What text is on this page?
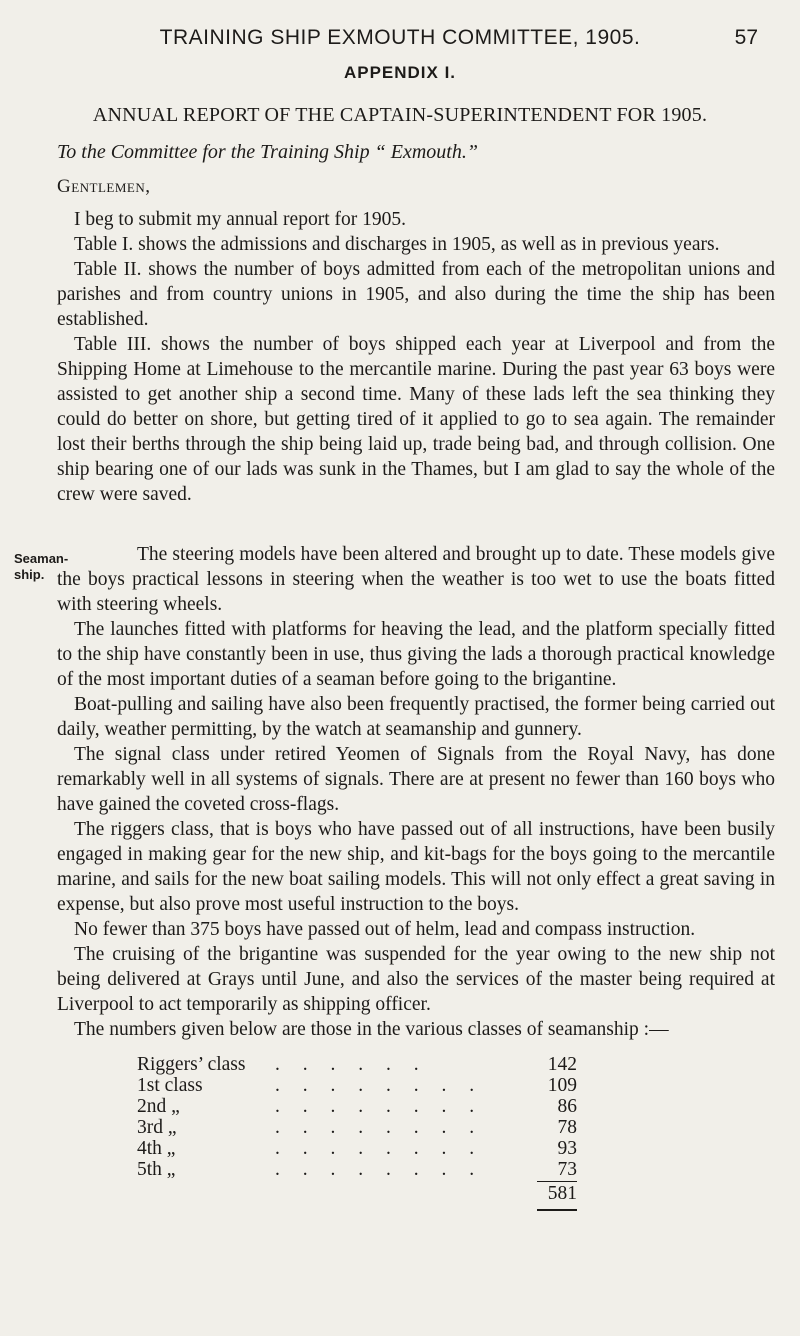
TRAINING SHIP EXMOUTH COMMITTEE, 1905.	57
APPENDIX I.
ANNUAL REPORT OF THE CAPTAIN-SUPERINTENDENT FOR 1905.
To the Committee for the Training Ship “ Exmouth.”
Gentlemen,

I beg to submit my annual report for 1905.

Table I. shows the admissions and discharges in 1905, as well as in previous years.

Table II. shows the number of boys admitted from each of the metropolitan unions and parishes and from country unions in 1905, and also during the time the ship has been established.

Table III. shows the number of boys shipped each year at Liverpool and from the Shipping Home at Limehouse to the mercantile marine. During the past year 63 boys were assisted to get another ship a second time. Many of these lads left the sea thinking they could do better on shore, but getting tired of it applied to go to sea again. The remainder lost their berths through the ship being laid up, trade being bad, and through collision. One ship bearing one of our lads was sunk in the Thames, but I am glad to say the whole of the crew were saved.

Seaman-ship.

The steering models have been altered and brought up to date. These models give the boys practical lessons in steering when the weather is too wet to use the boats fitted with steering wheels.

The launches fitted with platforms for heaving the lead, and the platform specially fitted to the ship have constantly been in use, thus giving the lads a thorough practical knowledge of the most important duties of a seaman before going to the brigantine.

Boat-pulling and sailing have also been frequently practised, the former being carried out daily, weather permitting, by the watch at seamanship and gunnery.

The signal class under retired Yeomen of Signals from the Royal Navy, has done remarkably well in all systems of signals. There are at present no fewer than 160 boys who have gained the coveted cross-flags.

The riggers class, that is boys who have passed out of all instructions, have been busily engaged in making gear for the new ship, and kit-bags for the boys going to the mercantile marine, and sails for the new boat sailing models. This will not only effect a great saving in expense, but also prove most useful instruction to the boys.

No fewer than 375 boys have passed out of helm, lead and compass instruction.

The cruising of the brigantine was suspended for the year owing to the new ship not being delivered at Grays until June, and also the services of the master being required at Liverpool to act temporarily as shipping officer.

The numbers given below are those in the various classes of seamanship :—

Riggers’ class . . . . . .	142
1st class	. . . . . . . .	109
2nd „	. . . . . . . .	86
3rd „	. . . . . . . .	78
4th „	. . . . . . . .	93
5th „	. . . . . . . .	73
581
